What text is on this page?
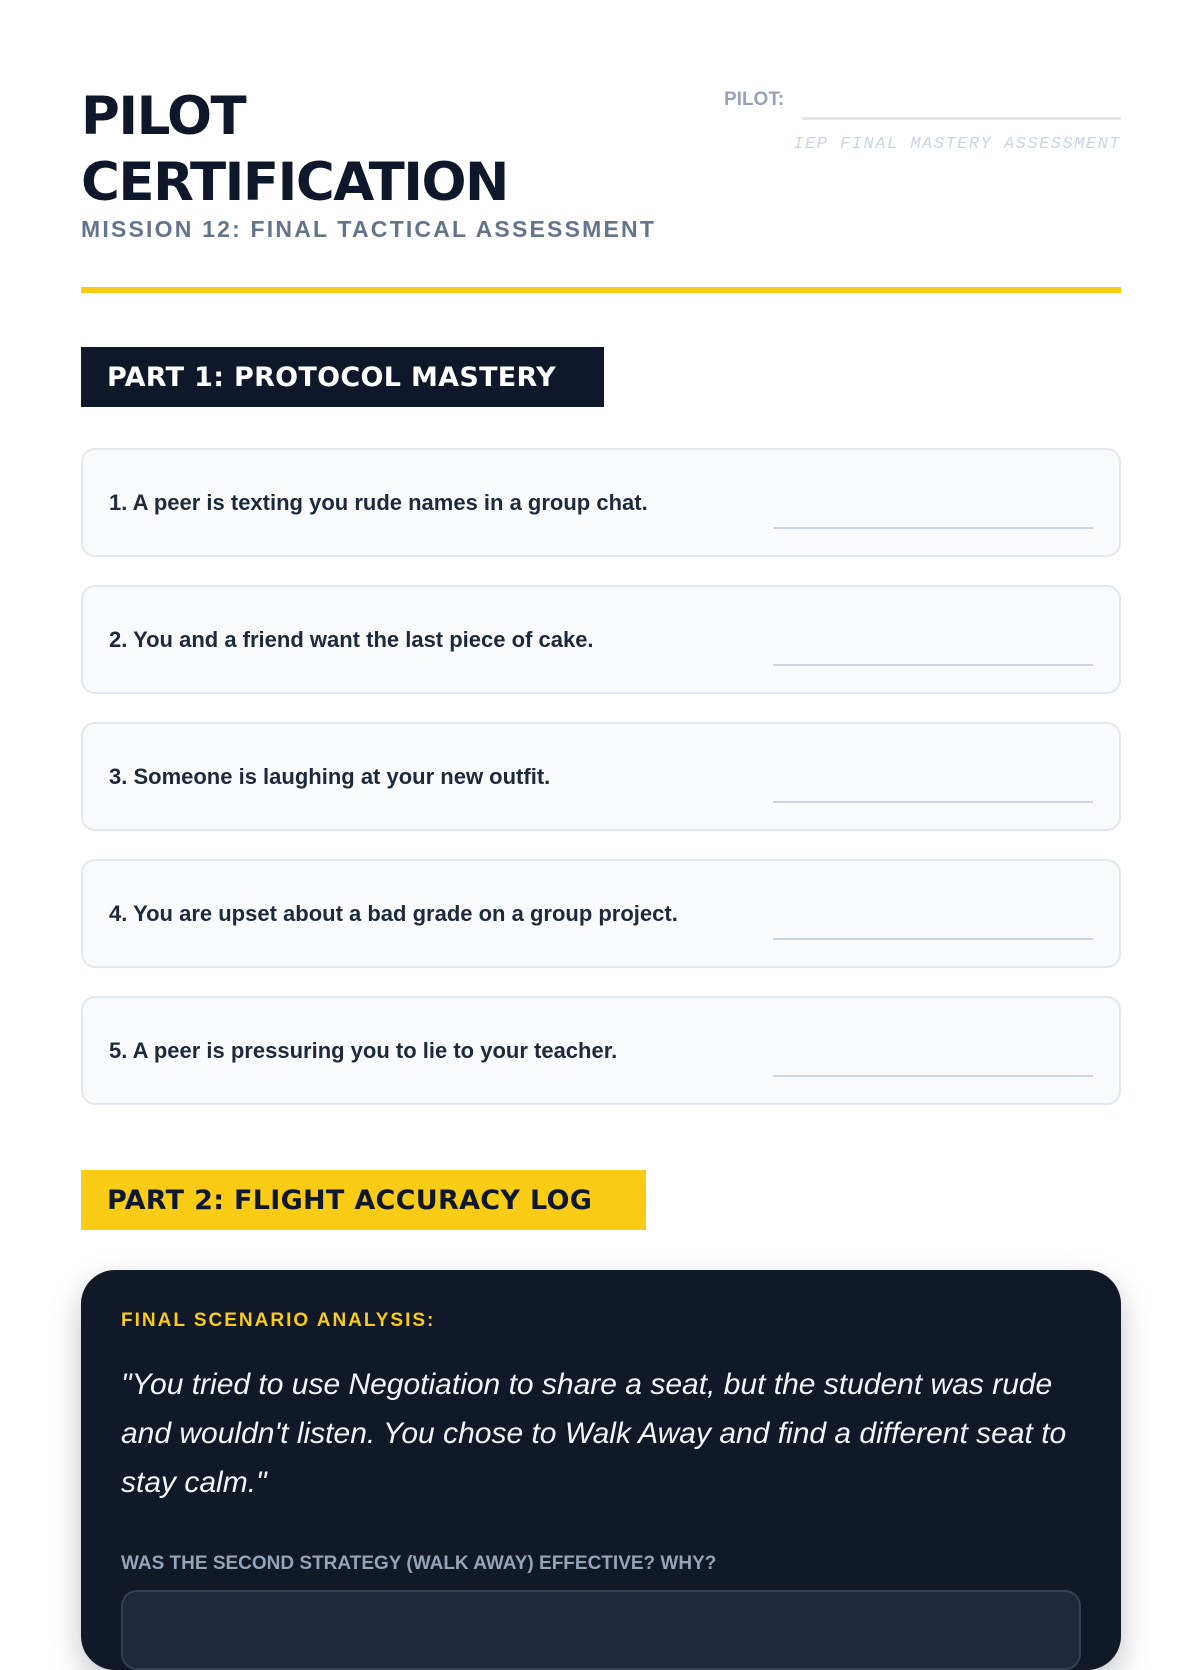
PILOT
CERTIFICATION
MISSION 12: FINAL TACTICAL ASSESSMENT
PILOT:
IEP FINAL MASTERY ASSESSMENT
PART 1: PROTOCOL MASTERY
1. A peer is texting you rude names in a group chat.
2. You and a friend want the last piece of cake.
3. Someone is laughing at your new outfit.
4. You are upset about a bad grade on a group project.
5. A peer is pressuring you to lie to your teacher.
PART 2: FLIGHT ACCURACY LOG
FINAL SCENARIO ANALYSIS:
"You tried to use Negotiation to share a seat, but the student was rude and wouldn't listen. You chose to Walk Away and find a different seat to stay calm."
WAS THE SECOND STRATEGY (WALK AWAY) EFFECTIVE? WHY?
